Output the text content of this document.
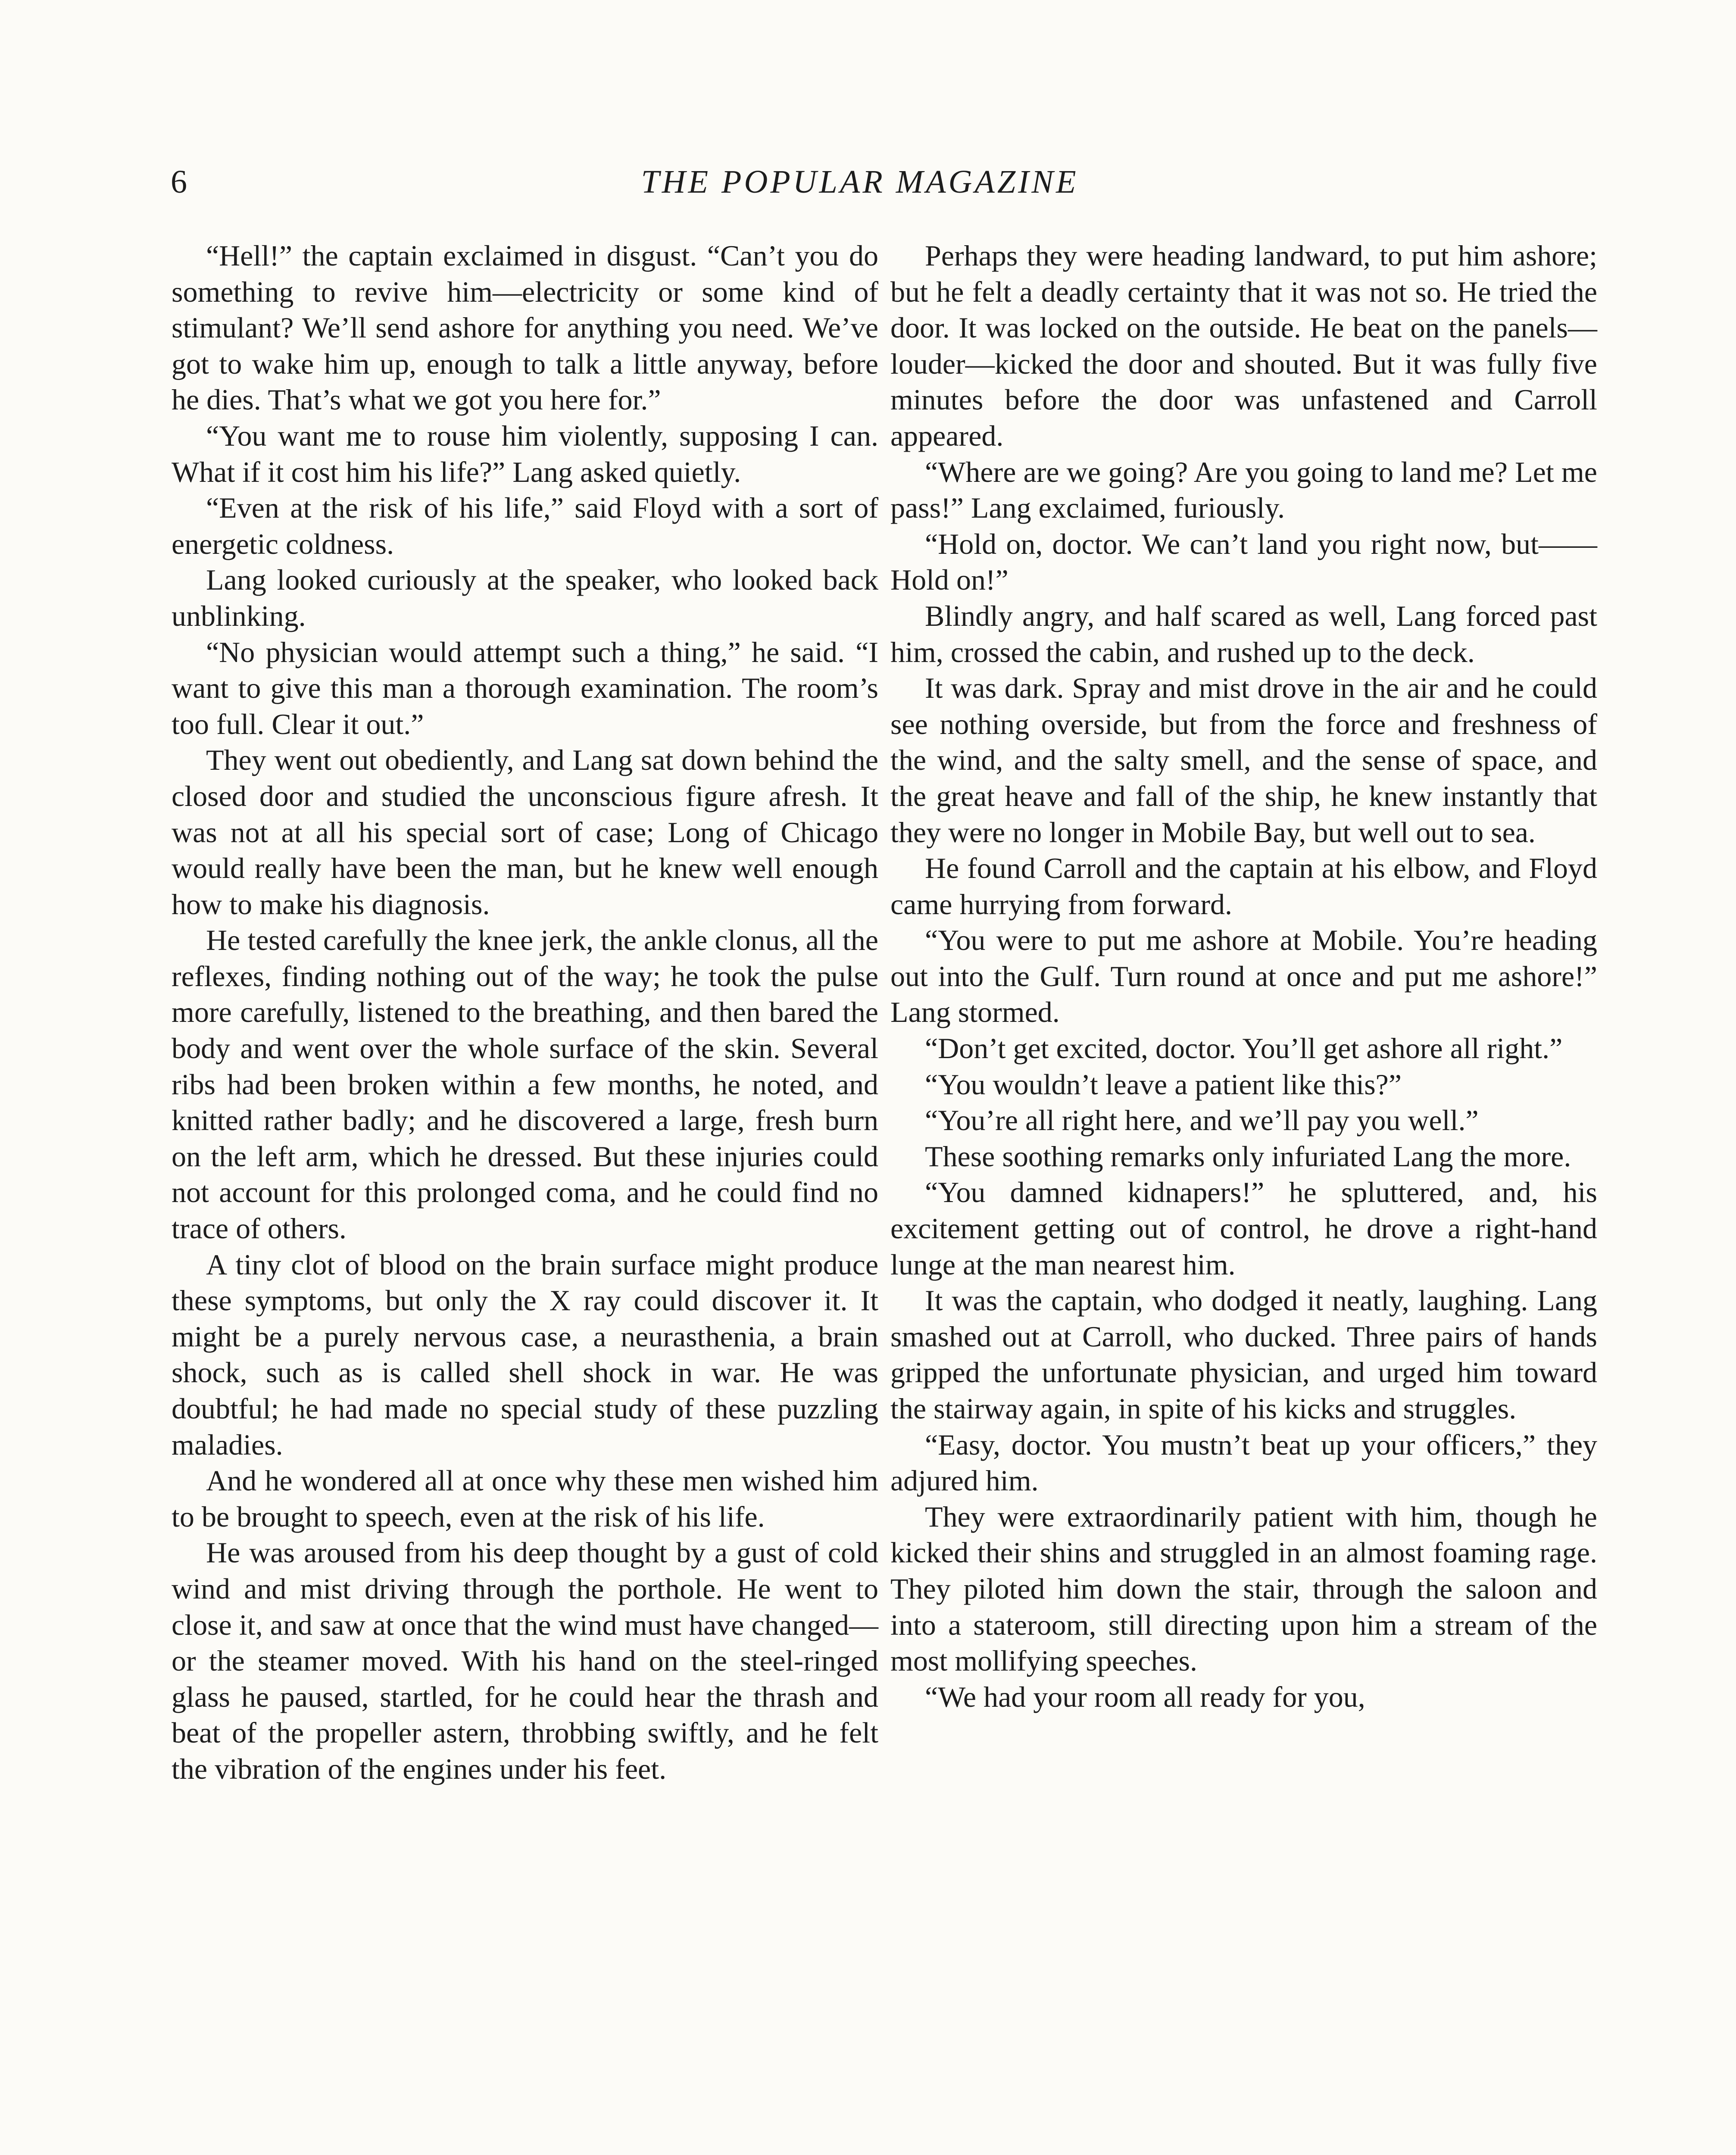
6	THE POPULAR MAGAZINE

“Hell!” the captain exclaimed in disgust. “Can’t you do something to revive him—electricity or some kind of stimulant? We’ll send ashore for anything you need. We’ve got to wake him up, enough to talk a little anyway, before he dies. That’s what we got you here for.”

“You want me to rouse him violently, supposing I can. What if it cost him his life?” Lang asked quietly.

“Even at the risk of his life,” said Floyd with a sort of energetic coldness.

Lang looked curiously at the speaker, who looked back unblinking.

“No physician would attempt such a thing,” he said. “I want to give this man a thorough examination. The room’s too full. Clear it out.”

They went out obediently, and Lang sat down behind the closed door and studied the unconscious figure afresh. It was not at all his special sort of case; Long of Chicago would really have been the man, but he knew well enough how to make his diagnosis.

He tested carefully the knee jerk, the ankle clonus, all the reflexes, finding nothing out of the way; he took the pulse more carefully, listened to the breathing, and then bared the body and went over the whole surface of the skin. Several ribs had been broken within a few months, he noted, and knitted rather badly; and he discovered a large, fresh burn on the left arm, which he dressed. But these injuries could not account for this prolonged coma, and he could find no trace of others.

A tiny clot of blood on the brain surface might produce these symptoms, but only the X ray could discover it. It might be a purely nervous case, a neurasthenia, a brain shock, such as is called shell shock in war. He was doubtful; he had made no special study of these puzzling maladies.

And he wondered all at once why these men wished him to be brought to speech, even at the risk of his life.

He was aroused from his deep thought by a gust of cold wind and mist driving through the porthole. He went to close it, and saw at once that the wind must have changed—or the steamer moved. With his hand on the steel-ringed glass he paused, startled, for he could hear the thrash and beat of the propeller astern, throbbing swiftly, and he felt the vibration of the engines under his feet.

Perhaps they were heading landward, to put him ashore; but he felt a deadly certainty that it was not so. He tried the door. It was locked on the outside. He beat on the panels—louder—kicked the door and shouted. But it was fully five minutes before the door was unfastened and Carroll appeared.

“Where are we going? Are you going to land me? Let me pass!” Lang exclaimed, furiously.

“Hold on, doctor. We can’t land you right now, but—— Hold on!”

Blindly angry, and half scared as well, Lang forced past him, crossed the cabin, and rushed up to the deck.

It was dark. Spray and mist drove in the air and he could see nothing overside, but from the force and freshness of the wind, and the salty smell, and the sense of space, and the great heave and fall of the ship, he knew instantly that they were no longer in Mobile Bay, but well out to sea.

He found Carroll and the captain at his elbow, and Floyd came hurrying from forward.

“You were to put me ashore at Mobile. You’re heading out into the Gulf. Turn round at once and put me ashore!” Lang stormed.

“Don’t get excited, doctor. You’ll get ashore all right.”

“You wouldn’t leave a patient like this?”

“You’re all right here, and we’ll pay you well.”

These soothing remarks only infuriated Lang the more.

“You damned kidnapers!” he spluttered, and, his excitement getting out of control, he drove a right-hand lunge at the man nearest him.

It was the captain, who dodged it neatly, laughing. Lang smashed out at Carroll, who ducked. Three pairs of hands gripped the unfortunate physician, and urged him toward the stairway again, in spite of his kicks and struggles.

“Easy, doctor. You mustn’t beat up your officers,” they adjured him.

They were extraordinarily patient with him, though he kicked their shins and struggled in an almost foaming rage. They piloted him down the stair, through the saloon and into a stateroom, still directing upon him a stream of the most mollifying speeches.

“We had your room all ready for you,
